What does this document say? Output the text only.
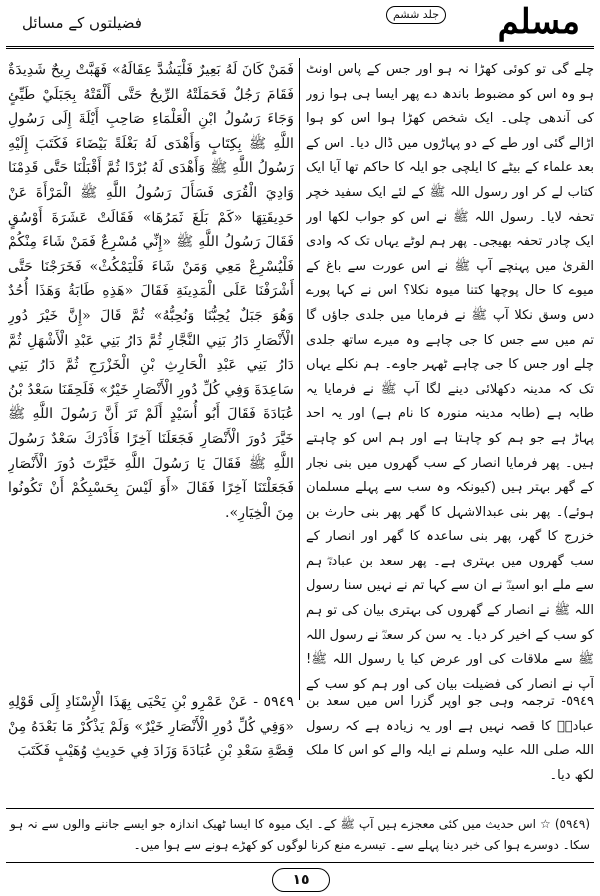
مسلم
جلد ششم
فضیلتوں کے مسائل

چلے گی تو کوئی کھڑا نہ ہو اور جس کے پاس اونٹ ہو وہ اس کو مضبوط باندھ دے پھر ایسا ہی ہوا زور کی آندھی چلی۔ ایک شخص کھڑا ہوا اس کو ہوا اڑالے گئی اور طے کے دو پہاڑوں میں ڈال دیا۔ اس کے بعد علماء کے بیٹے کا ایلچی جو ایلہ کا حاکم تھا آیا ایک کتاب لے کر اور رسول اللہ ﷺ کے لئے ایک سفید خچر تحفہ لایا۔ رسول اللہ ﷺ نے اس کو جواب لکھا اور ایک چادر تحفہ بھیجی۔ پھر ہم لوٹے یہاں تک کہ وادی القریٰ میں پہنچے آپ ﷺ نے اس عورت سے باغ کے میوے کا حال پوچھا کتنا میوہ نکلا؟ اس نے کہا پورے دس وسق نکلا آپ ﷺ نے فرمایا میں جلدی جاؤں گا تم میں سے جس کا جی چاہے وہ میرے ساتھ جلدی چلے اور جس کا جی چاہے ٹھہر جاوے۔ ہم نکلے یہاں تک کہ مدینہ دکھلائی دینے لگا آپ ﷺ نے فرمایا یہ طابہ ہے (طابہ مدینہ منورہ کا نام ہے) اور یہ احد پہاڑ ہے جو ہم کو چاہتا ہے اور ہم اس کو چاہتے ہیں۔ پھر فرمایا انصار کے سب گھروں میں بنی نجار کے گھر بہتر ہیں (کیونکہ وہ سب سے پہلے مسلمان ہوئے)۔ پھر بنی عبدالاشہل کا گھر پھر بنی حارث بن خزرج کا گھر، پھر بنی ساعدہ کا گھر اور انصار کے سب گھروں میں بہتری ہے۔ پھر سعد بن عبادہؓ ہم سے ملے ابو اسیدؓ نے ان سے کہا تم نے نہیں سنا رسول اللہ ﷺ نے انصار کے گھروں کی بہتری بیان کی تو ہم کو سب کے اخیر کر دیا۔ یہ سن کر سعدؓ نے رسول اللہ ﷺ سے ملاقات کی اور عرض کیا یا رسول اللہ ﷺ! آپ نے انصار کی فضیلت بیان کی اور ہم کو سب کے

فَمَنْ كَانَ لَهُ بَعِيرٌ فَلْيَشُدَّ عِقَالَهُ» فَهَبَّتْ رِيحٌ شَدِيدَةٌ فَقَامَ رَجُلٌ فَحَمَلَتْهُ الرِّيحُ حَتَّى أَلْقَتْهُ بِجَبَلَيْ طَيِّئٍ وَجَاءَ رَسُولُ ابْنِ الْعَلْمَاءِ صَاحِبِ أَيْلَةَ إِلَى رَسُولِ اللَّهِ ﷺ بِكِتَابٍ وَأَهْدَى لَهُ بَغْلَةً بَيْضَاءَ فَكَتَبَ إِلَيْهِ رَسُولُ اللَّهِ ﷺ وَأَهْدَى لَهُ بُرْدًا ثُمَّ أَقْبَلْنَا حَتَّى قَدِمْنَا وَادِيَ الْقُرَى فَسَأَلَ رَسُولُ اللَّهِ ﷺ الْمَرْأَةَ عَنْ حَدِيقَتِهَا «كَمْ بَلَغَ ثَمَرُهَا» فَقَالَتْ عَشَرَةَ أَوْسُقٍ فَقَالَ رَسُولُ اللَّهِ ﷺ «إِنِّي مُسْرِعٌ فَمَنْ شَاءَ مِنْكُمْ فَلْيُسْرِعْ مَعِي وَمَنْ شَاءَ فَلْيَمْكُثْ» فَخَرَجْنَا حَتَّى أَشْرَفْنَا عَلَى الْمَدِينَةِ فَقَالَ «هَذِهِ طَابَةُ وَهَذَا أُحُدٌ وَهُوَ جَبَلٌ يُحِبُّنَا وَنُحِبُّهُ» ثُمَّ قَالَ «إِنَّ خَيْرَ دُورِ الْأَنْصَارِ دَارُ بَنِي النَّجَّارِ ثُمَّ دَارُ بَنِي عَبْدِ الْأَشْهَلِ ثُمَّ دَارُ بَنِي عَبْدِ الْحَارِثِ بْنِ الْخَزْرَجِ ثُمَّ دَارُ بَنِي سَاعِدَةَ وَفِي كُلِّ دُورِ الْأَنْصَارِ خَيْرٌ» فَلَحِقَنَا سَعْدُ بْنُ عُبَادَةَ فَقَالَ أَبُو أُسَيْدٍ أَلَمْ تَرَ أَنَّ رَسُولَ اللَّهِ ﷺ خَيَّرَ دُورَ الْأَنْصَارِ فَجَعَلَنَا آخِرًا فَأَدْرَكَ سَعْدٌ رَسُولَ اللَّهِ ﷺ فَقَالَ يَا رَسُولَ اللَّهِ خَيَّرْتَ دُورَ الْأَنْصَارِ فَجَعَلْتَنَا آخِرًا فَقَالَ «أَوَ لَيْسَ بِحَسْبِكُمْ أَنْ تَكُونُوا مِنَ الْخِيَارِ».

٥٩٤٩- ترجمہ وہی جو اوپر گزرا اس میں سعد بن عبادہؓ کا قصہ نہیں ہے اور یہ زیادہ ہے کہ رسول اللہ صلی اللہ علیہ وسلم نے ایلہ والے کو اس کا ملک لکھ دیا۔

٥٩٤٩ - عَنْ عَمْرِو بْنِ يَحْيَى بِهَذَا الْإِسْنَادِ إِلَى قَوْلِهِ «وَفِي كُلِّ دُورِ الْأَنْصَارِ خَيْرٌ» وَلَمْ يَذْكُرْ مَا بَعْدَهُ مِنْ قِصَّةِ سَعْدِ بْنِ عُبَادَةَ وَزَادَ فِي حَدِيثِ وُهَيْبٍ فَكَتَبَ

(٥٩٤٩) ☆ اس حدیث میں کئی معجزے ہیں آپ ﷺ کے۔ ایک میوہ کا ایسا ٹھیک اندازہ جو ایسے جاننے والوں سے نہ ہو سکا۔ دوسرے ہوا کی خبر دینا پہلے سے۔ تیسرے منع کرنا لوگوں کو کھڑے ہونے سے ہوا میں۔
١٥
